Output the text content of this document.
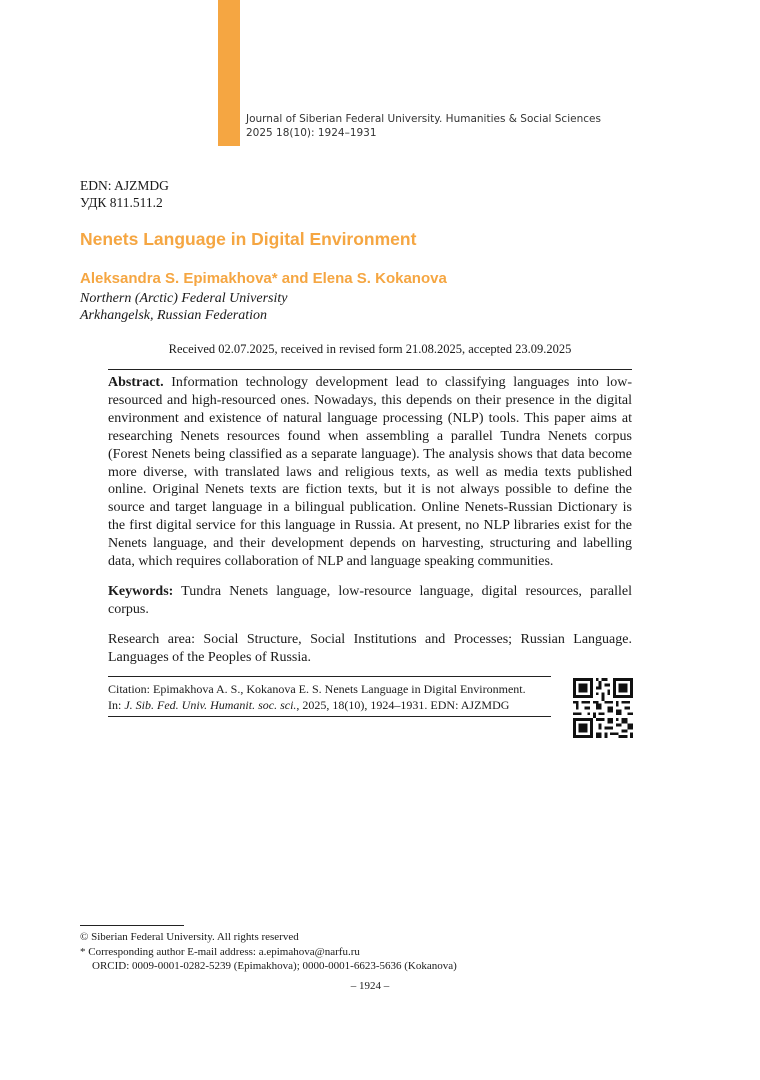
Journal of Siberian Federal University. Humanities & Social Sciences
2025 18(10): 1924–1931
EDN: AJZMDG
УДК 811.511.2
Nenets Language in Digital Environment
Aleksandra S. Epimakhova* and Elena S. Kokanova
Northern (Arctic) Federal University
Arkhangelsk, Russian Federation
Received 02.07.2025, received in revised form 21.08.2025, accepted 23.09.2025

Abstract. Information technology development lead to classifying languages into low-resourced and high-resourced ones. Nowadays, this depends on their presence in the digital environment and existence of natural language processing (NLP) tools. This paper aims at researching Nenets resources found when assembling a parallel Tundra Nenets corpus (Forest Nenets being classified as a separate language). The analysis shows that data become more diverse, with translated laws and religious texts, as well as media texts published online. Original Nenets texts are fiction texts, but it is not always possible to define the source and target language in a bilingual publication. Online Nenets-Russian Dictionary is the first digital service for this language in Russia. At present, no NLP libraries exist for the Nenets language, and their development depends on harvesting, structuring and labelling data, which requires collaboration of NLP and language speaking communities.

Keywords: Tundra Nenets language, low-resource language, digital resources, parallel corpus.

Research area: Social Structure, Social Institutions and Processes; Russian Language. Languages of the Peoples of Russia.

Citation: Epimakhova A. S., Kokanova E. S. Nenets Language in Digital Environment.
In: J. Sib. Fed. Univ. Humanit. soc. sci., 2025, 18(10), 1924–1931. EDN: AJZMDG
© Siberian Federal University. All rights reserved
* Corresponding author E-mail address: a.epimahova@narfu.ru
ORCID: 0009-0001-0282-5239 (Epimakhova); 0000-0001-6623-5636 (Kokanova)
– 1924 –
